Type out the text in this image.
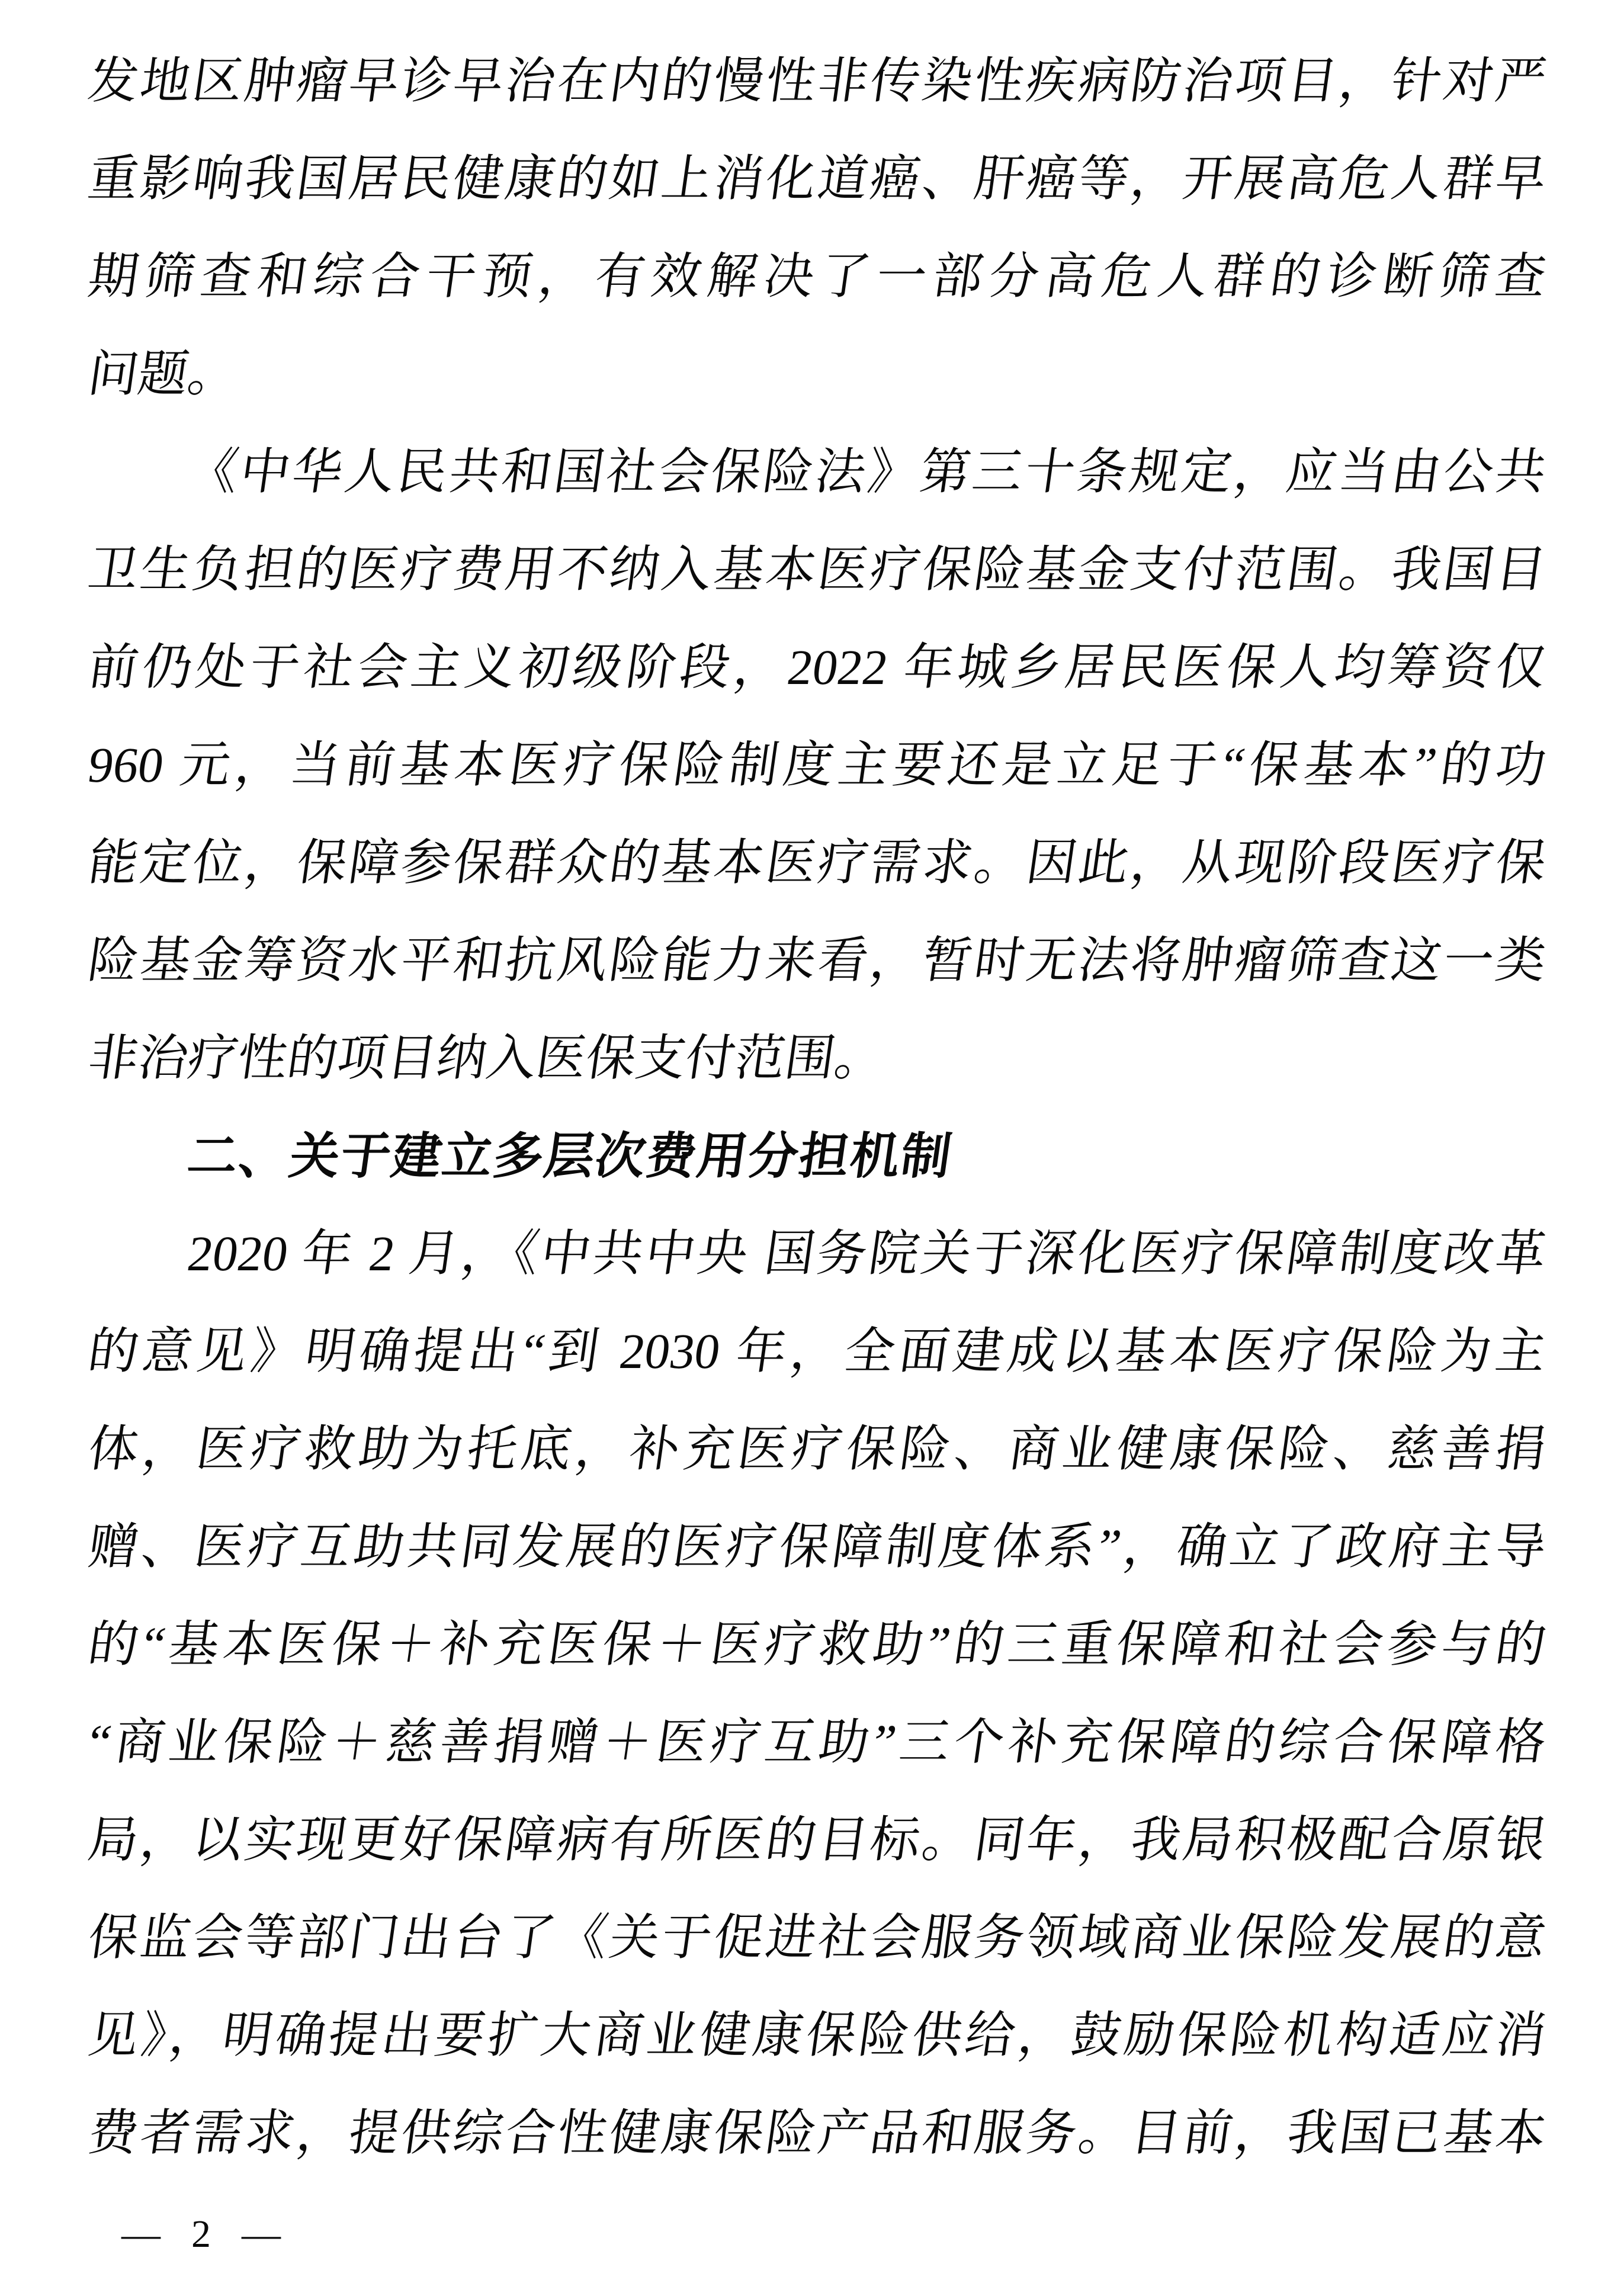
发地区肿瘤早诊早治在内的慢性非传染性疾病防治项目，针对严
重影响我国居民健康的如上消化道癌、肝癌等，开展高危人群早
期筛查和综合干预，有效解决了一部分高危人群的诊断筛查
问题。
《中华人民共和国社会保险法》第三十条规定，应当由公共
卫生负担的医疗费用不纳入基本医疗保险基金支付范围。我国目
前仍处于社会主义初级阶段，2022 年城乡居民医保人均筹资仅
960 元，当前基本医疗保险制度主要还是立足于“保基本”的功
能定位，保障参保群众的基本医疗需求。因此，从现阶段医疗保
险基金筹资水平和抗风险能力来看，暂时无法将肿瘤筛查这一类
非治疗性的项目纳入医保支付范围。
二、关于建立多层次费用分担机制
2020 年 2 月，《中共中央 国务院关于深化医疗保障制度改革
的意见》明确提出“到 2030 年，全面建成以基本医疗保险为主
体，医疗救助为托底，补充医疗保险、商业健康保险、慈善捐
赠、医疗互助共同发展的医疗保障制度体系”，确立了政府主导
的“基本医保＋补充医保＋医疗救助”的三重保障和社会参与的
“商业保险＋慈善捐赠＋医疗互助”三个补充保障的综合保障格
局，以实现更好保障病有所医的目标。同年，我局积极配合原银
保监会等部门出台了《关于促进社会服务领域商业保险发展的意
见》，明确提出要扩大商业健康保险供给，鼓励保险机构适应消
费者需求，提供综合性健康保险产品和服务。目前，我国已基本
— 2 —
